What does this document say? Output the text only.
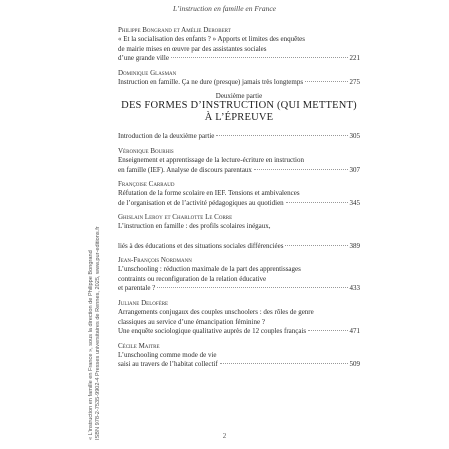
L’instruction en famille en France
Philippe Bongrand et Amélie Derobert
« Et la socialisation des enfants ? » Apports et limites des enquêtes
de mairie mises en œuvre par des assistantes sociales
d’une grande ville	221
Dominique Glasman
Instruction en famille. Ça ne dure (presque) jamais très longtemps	275
Deuxième partie
DES FORMES D’INSTRUCTION (QUI METTENT)
À L’ÉPREUVE
Introduction de la deuxième partie	305
Véronique Bourhis
Enseignement et apprentissage de la lecture-écriture en instruction
en famille (IEF). Analyse de discours parentaux	307
Françoise Carraud
Réfutation de la forme scolaire en IEF. Tensions et ambivalences
de l’organisation et de l’activité pédagogiques au quotidien	345
Ghislain Leroy et Charlotte Le Corre
L’instruction en famille : des profils scolaires inégaux,

liés à des éducations et des situations sociales différenciées	389
Jean-François Nordmann
L’unschooling : réduction maximale de la part des apprentissages
contraints ou reconfiguration de la relation éducative
et parentale ?	433
Juliane Delofère
Arrangements conjugaux des couples unschoolers : des rôles de genre
classiques au service d’une émancipation féminine ?
Une enquête sociologique qualitative auprès de 12 couples français	471
Cécile Maitre
L’unschooling comme mode de vie
saisi au travers de l’habitat collectif	509
« L’instruction en famille en France », sous la direction de Philippe Bongrand ISBN 978-2-7535-9902-4 Presses universitaires de Rennes, 2025, www.pur-editions.fr	2
